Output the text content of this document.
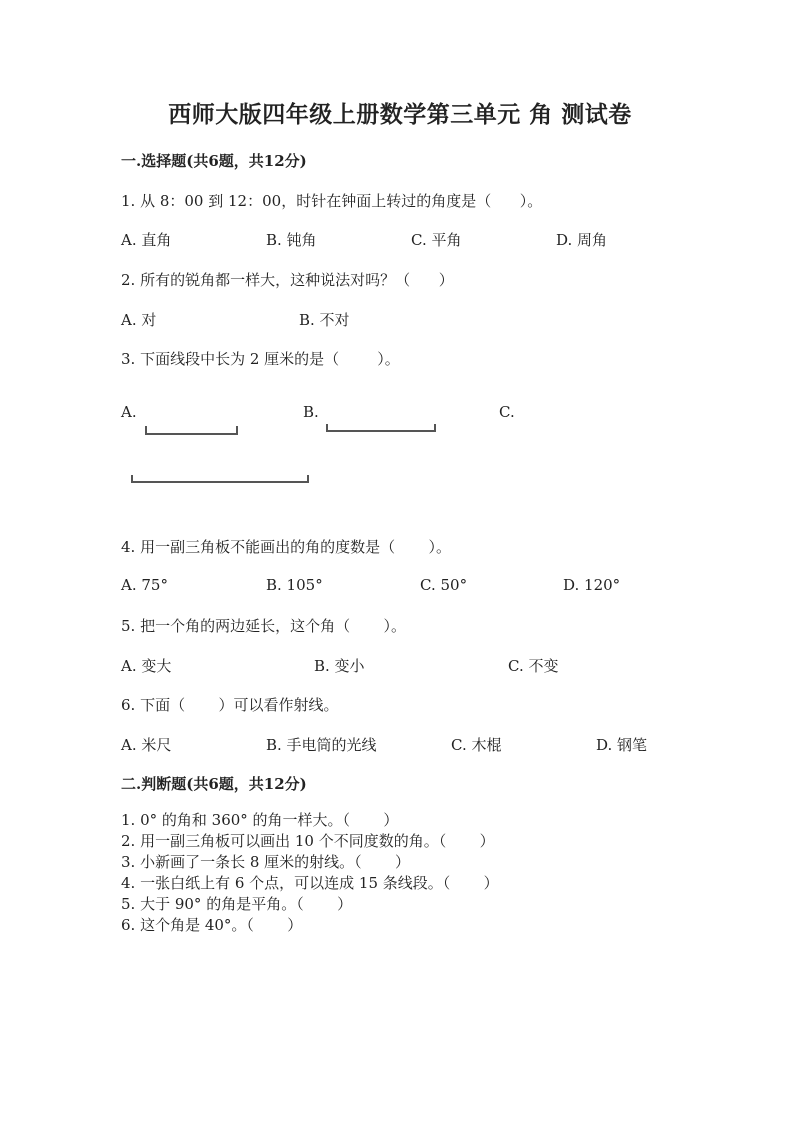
西师大版四年级上册数学第三单元 角 测试卷
一.选择题(共6题，共12分)
1. 从 8：00 到 12：00，时针在钟面上转过的角度是（      ）。
A. 直角	B. 钝角	C. 平角	D. 周角
2. 所有的锐角都一样大，这种说法对吗？（      ）
A. 对	B. 不对
3. 下面线段中长为 2 厘米的是（        ）。
A.	B.	C.
4. 用一副三角板不能画出的角的度数是（       ）。
A. 75°	B. 105°	C. 50°	D. 120°
5. 把一个角的两边延长，这个角（       ）。
A. 变大	B. 变小	C. 不变
6. 下面（       ）可以看作射线。
A. 米尺	B. 手电筒的光线	C. 木棍	D. 钢笔
二.判断题(共6题，共12分)
1. 0° 的角和 360° 的角一样大。（       ）
2. 用一副三角板可以画出 10 个不同度数的角。（       ）
3. 小新画了一条长 8 厘米的射线。（       ）
4. 一张白纸上有 6 个点，可以连成 15 条线段。（       ）
5. 大于 90° 的角是平角。（       ）
6. 这个角是 40°。（       ）
